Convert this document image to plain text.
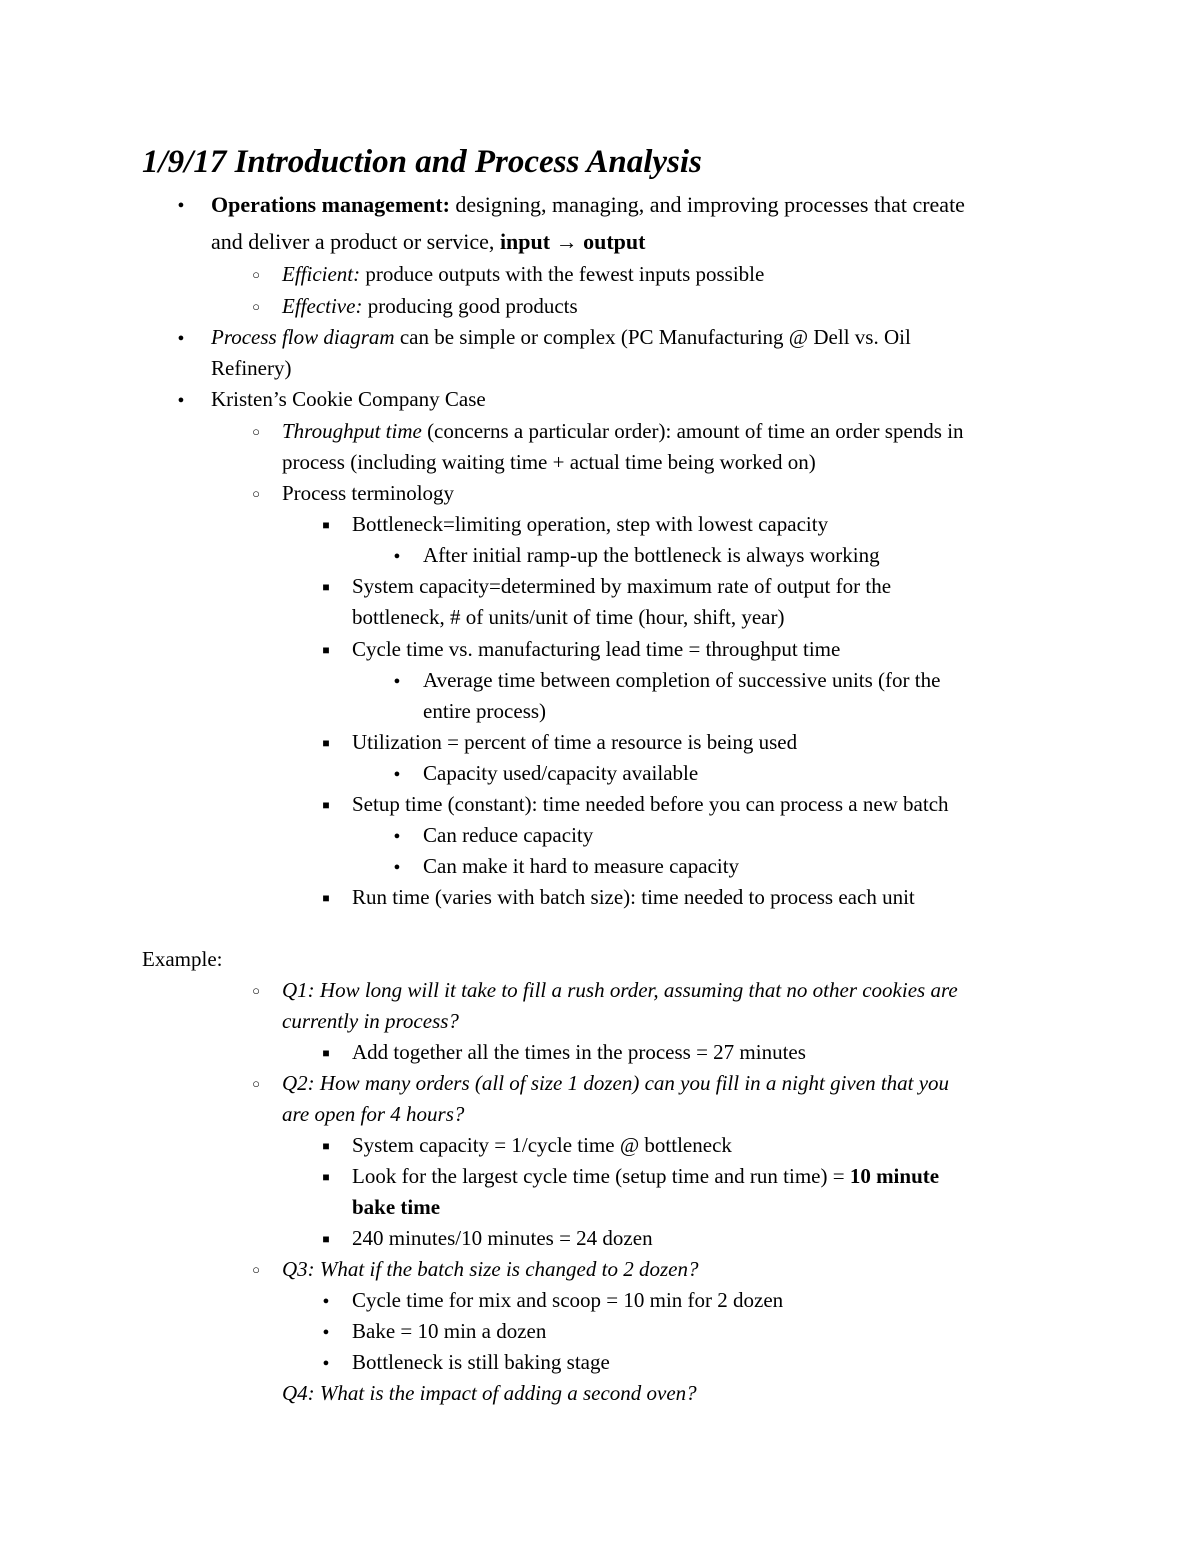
1/9/17 Introduction and Process Analysis
●
Operations management: designing, managing, and improving processes that create
and deliver a product or service, input → output
○
Efficient: produce outputs with the fewest inputs possible
○
Effective: producing good products
●
Process flow diagram can be simple or complex (PC Manufacturing @ Dell vs. Oil
Refinery)
●
Kristen’s Cookie Company Case
○
Throughput time (concerns a particular order): amount of time an order spends in
process (including waiting time + actual time being worked on)
○
Process terminology
■
Bottleneck=limiting operation, step with lowest capacity
●
After initial ramp-up the bottleneck is always working
■
System capacity=determined by maximum rate of output for the
bottleneck, # of units/unit of time (hour, shift, year)
■
Cycle time vs. manufacturing lead time = throughput time
●
Average time between completion of successive units (for the
entire process)
■
Utilization = percent of time a resource is being used
●
Capacity used/capacity available
■
Setup time (constant): time needed before you can process a new batch
●
Can reduce capacity
●
Can make it hard to measure capacity
■
Run time (varies with batch size): time needed to process each unit
Example:
○
Q1: How long will it take to fill a rush order, assuming that no other cookies are
currently in process?
■
Add together all the times in the process = 27 minutes
○
Q2: How many orders (all of size 1 dozen) can you fill in a night given that you
are open for 4 hours?
■
System capacity = 1/cycle time @ bottleneck
■
Look for the largest cycle time (setup time and run time) = 10 minute
bake time
■
240 minutes/10 minutes = 24 dozen
○
Q3: What if the batch size is changed to 2 dozen?
●
Cycle time for mix and scoop = 10 min for 2 dozen
●
Bake = 10 min a dozen
●
Bottleneck is still baking stage
Q4: What is the impact of adding a second oven?
